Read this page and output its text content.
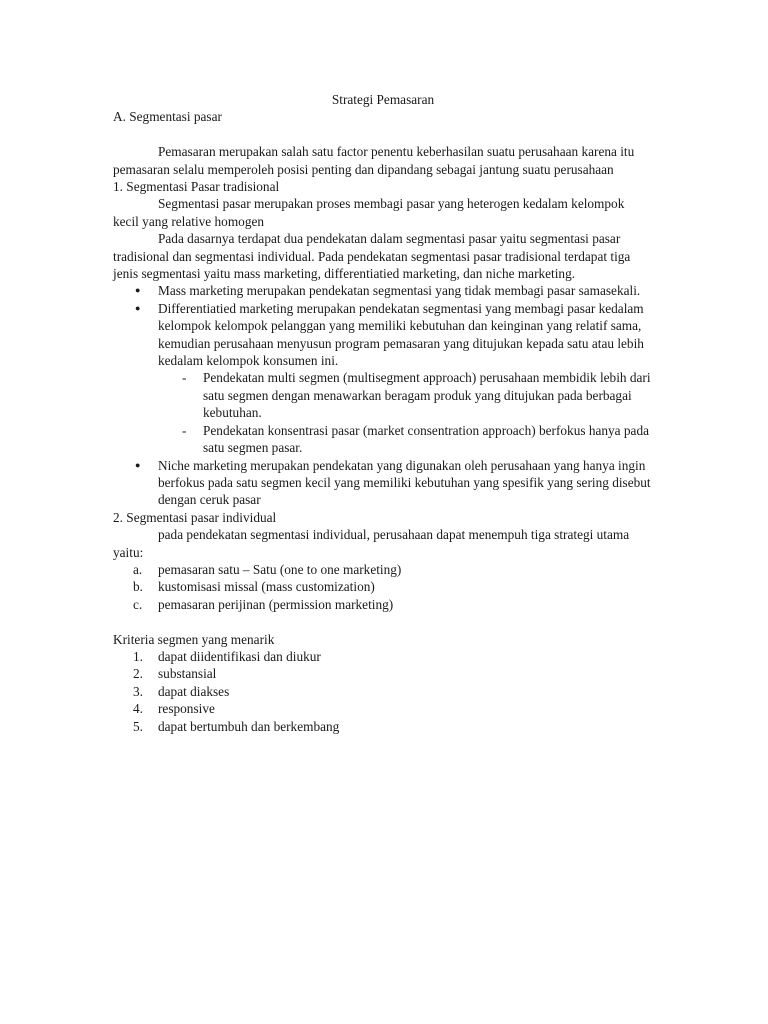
Strategi Pemasaran

A. Segmentasi pasar

Pemasaran merupakan salah satu factor penentu keberhasilan suatu perusahaan karena itu pemasaran selalu memperoleh posisi penting dan dipandang sebagai jantung suatu perusahaan

1. Segmentasi Pasar tradisional

Segmentasi pasar merupakan proses membagi pasar yang heterogen kedalam kelompok kecil yang relative homogen

Pada dasarnya terdapat dua pendekatan dalam segmentasi pasar yaitu segmentasi pasar tradisional dan segmentasi individual. Pada pendekatan segmentasi pasar tradisional terdapat tiga jenis segmentasi yaitu mass marketing, differentiatied marketing, dan niche marketing.

● Mass marketing merupakan pendekatan segmentasi yang tidak membagi pasar samasekali.
● Differentiatied marketing merupakan pendekatan segmentasi yang membagi pasar kedalam kelompok kelompok pelanggan yang memiliki kebutuhan dan keinginan yang relatif sama, kemudian perusahaan menyusun program pemasaran yang ditujukan kepada satu atau lebih kedalam kelompok konsumen ini.
- Pendekatan multi segmen (multisegment approach) perusahaan membidik lebih dari satu segmen dengan menawarkan beragam produk yang ditujukan pada berbagai kebutuhan.
- Pendekatan konsentrasi pasar (market consentration approach) berfokus hanya pada satu segmen pasar.
● Niche marketing merupakan pendekatan yang digunakan oleh perusahaan yang hanya ingin berfokus pada satu segmen kecil yang memiliki kebutuhan yang spesifik yang sering disebut dengan ceruk pasar

2. Segmentasi pasar individual

pada pendekatan segmentasi individual, perusahaan dapat menempuh tiga strategi utama yaitu:

a. pemasaran satu – Satu (one to one marketing)
b. kustomisasi missal (mass customization)
c. pemasaran perijinan (permission marketing)

Kriteria segmen yang menarik

1. dapat diidentifikasi dan diukur
2. substansial
3. dapat diakses
4. responsive
5. dapat bertumbuh dan berkembang
